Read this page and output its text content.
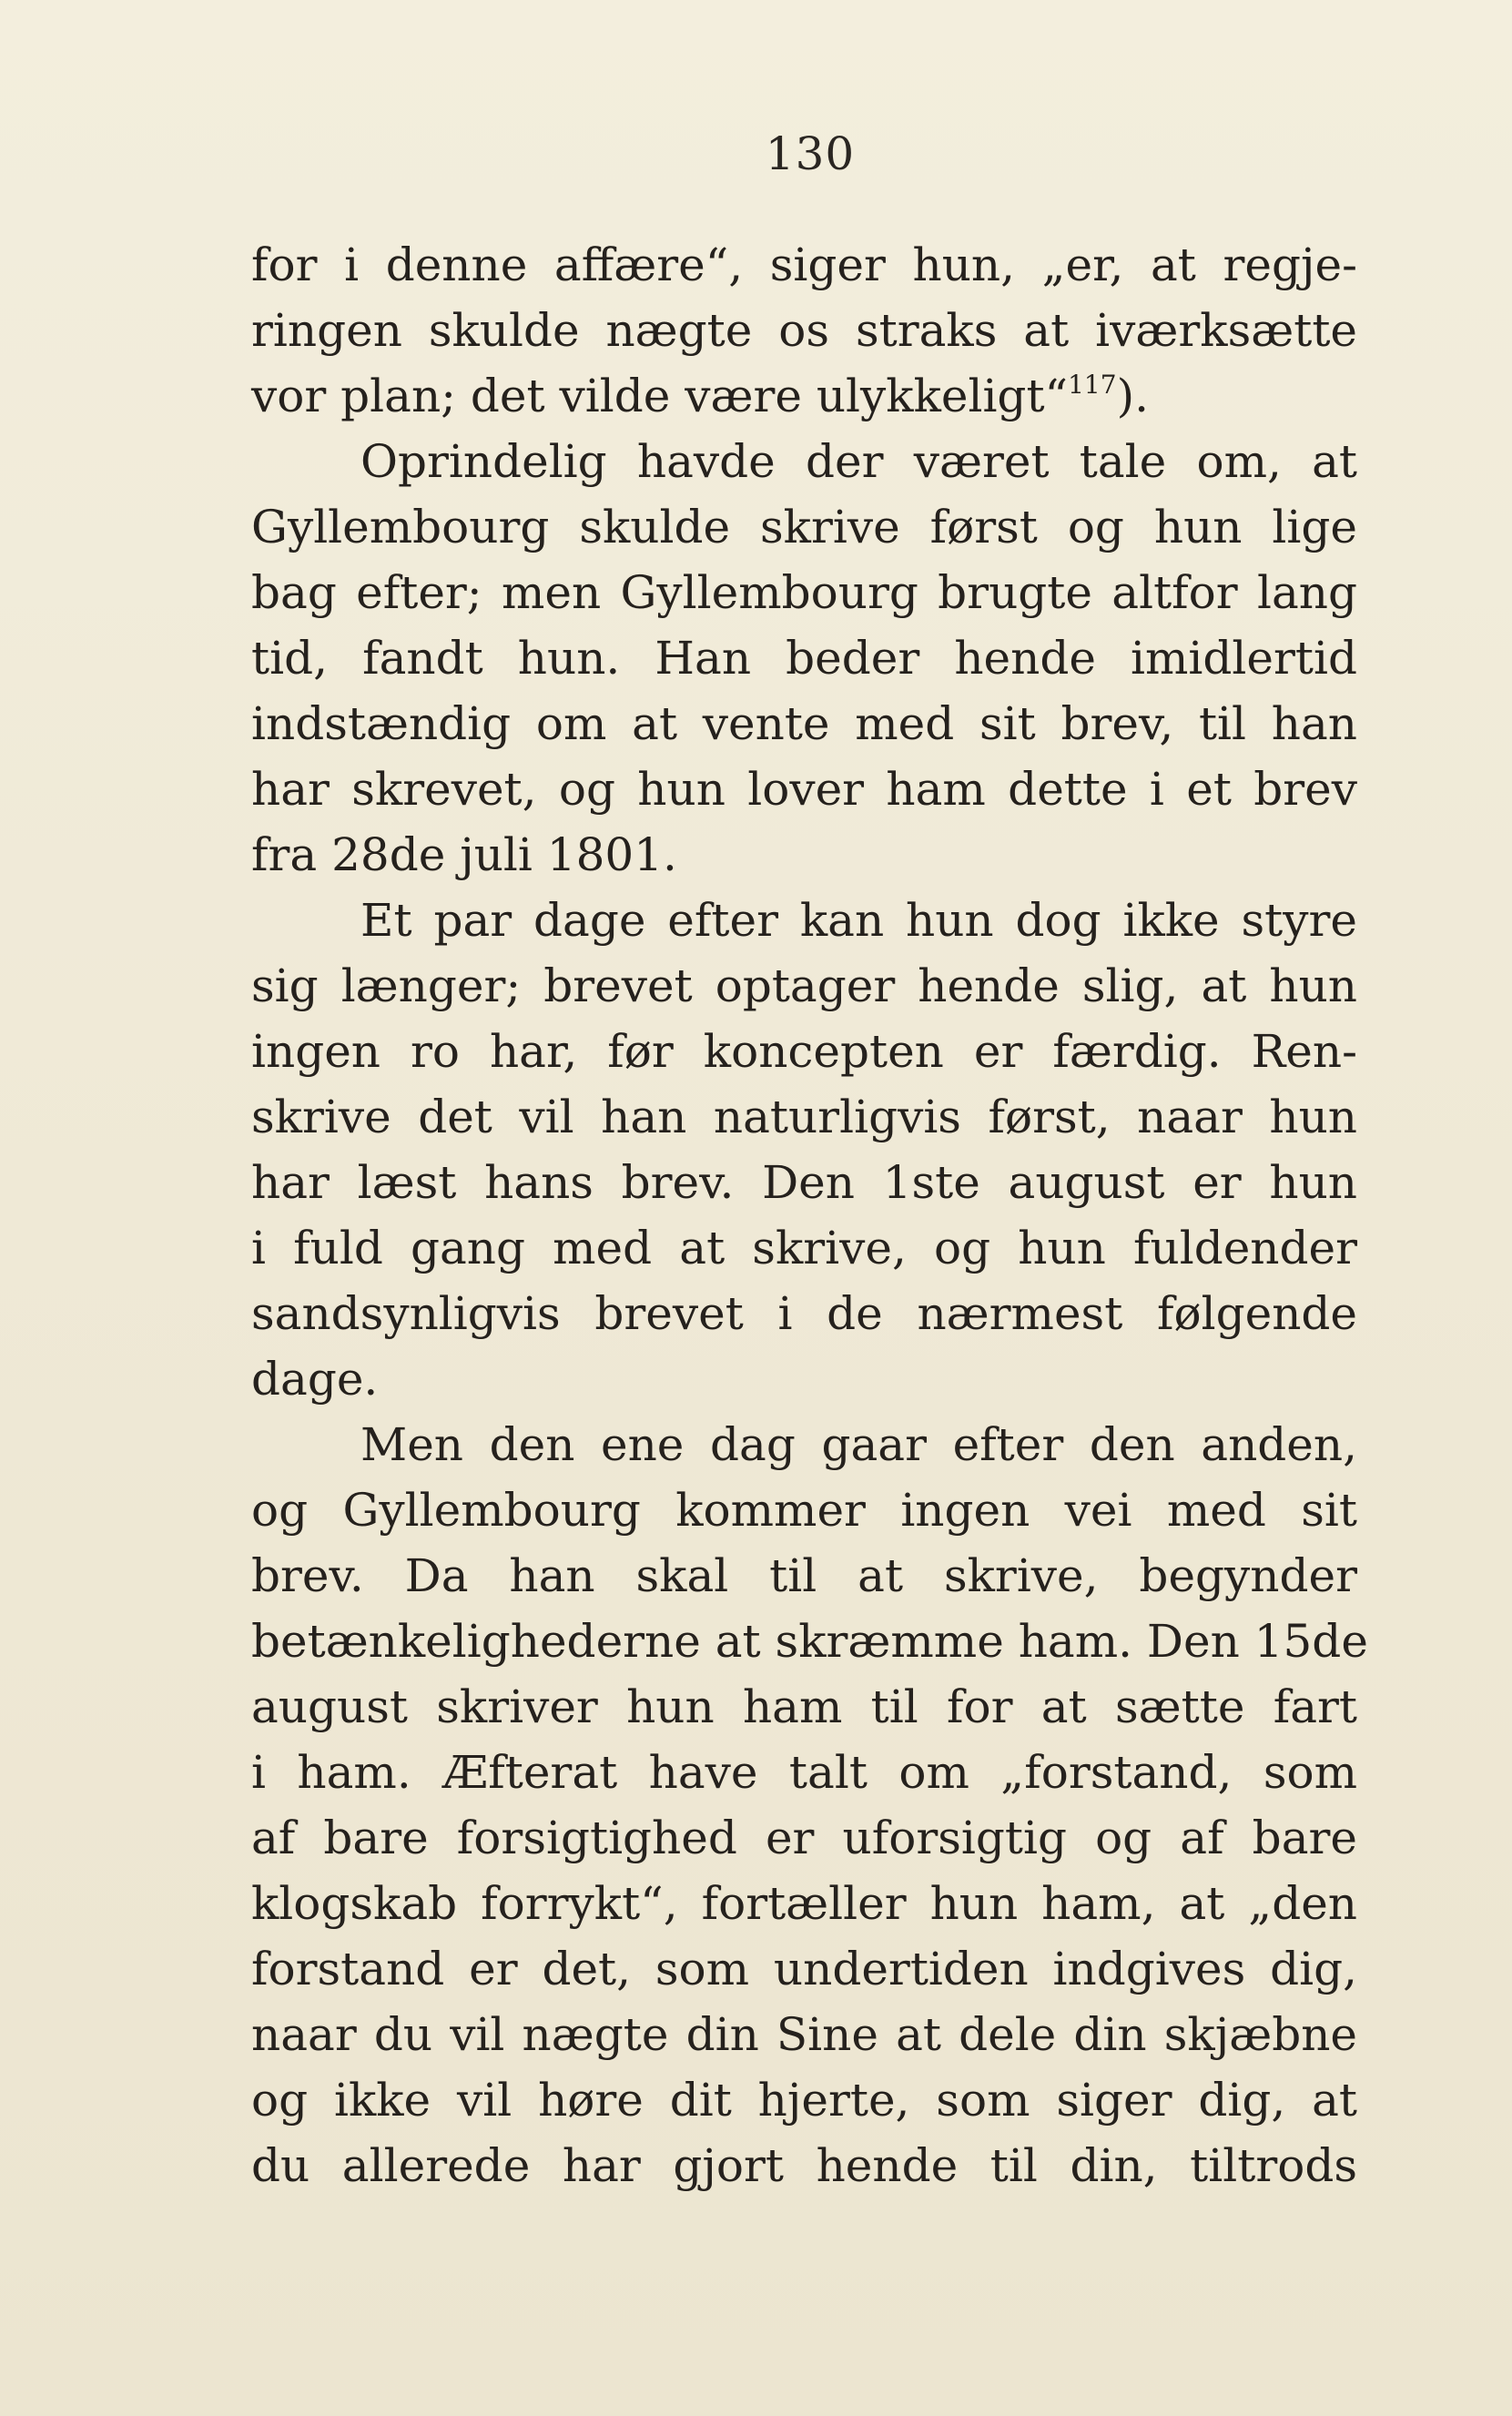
130
for i denne affære“, siger hun, „er, at regje-
ringen skulde nægte os straks at iværksætte
vor plan; det vilde være ulykkeligt“$^{117}$).
Oprindelig havde der været tale om, at
Gyllembourg skulde skrive først og hun lige
bag efter; men Gyllembourg brugte altfor lang
tid, fandt hun. Han beder hende imidlertid
indstændig om at vente med sit brev, til han
har skrevet, og hun lover ham dette i et brev
fra 28de juli 1801.
Et par dage efter kan hun dog ikke styre
sig længer; brevet optager hende slig, at hun
ingen ro har, før koncepten er færdig. Ren-
skrive det vil han naturligvis først, naar hun
har læst hans brev. Den 1ste august er hun
i fuld gang med at skrive, og hun fuldender
sandsynligvis brevet i de nærmest følgende
dage.
Men den ene dag gaar efter den anden,
og Gyllembourg kommer ingen vei med sit
brev. Da han skal til at skrive, begynder
betænkelighederne at skræmme ham. Den 15de
august skriver hun ham til for at sætte fart
i ham. Æfterat have talt om „forstand, som
af bare forsigtighed er uforsigtig og af bare
klogskab forrykt“, fortæller hun ham, at „den
forstand er det, som undertiden indgives dig,
naar du vil nægte din Sine at dele din skjæbne
og ikke vil høre dit hjerte, som siger dig, at
du allerede har gjort hende til din, tiltrods
